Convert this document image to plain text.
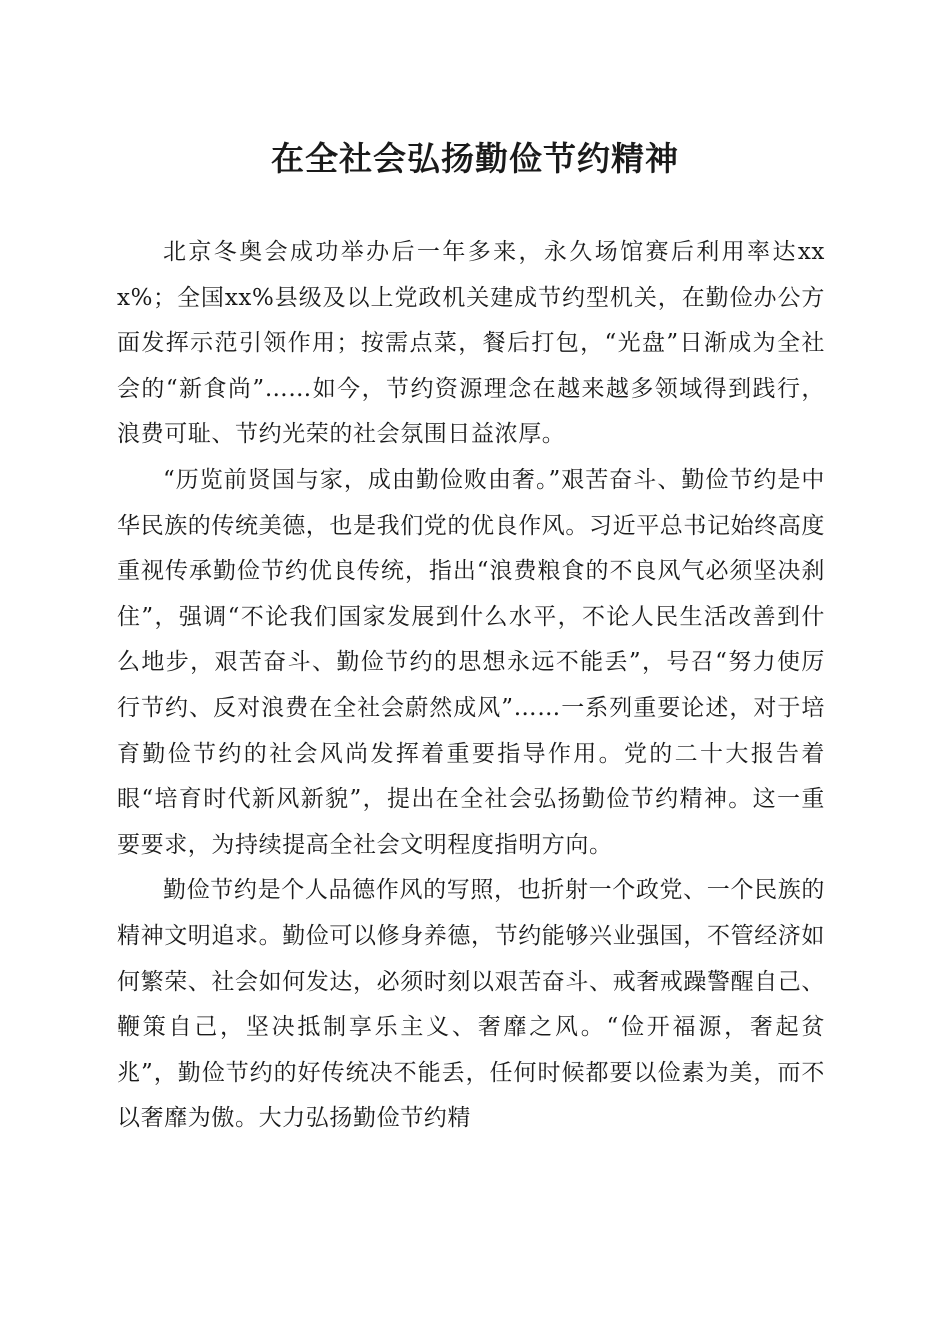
在全社会弘扬勤俭节约精神

北京冬奥会成功举办后一年多来，永久场馆赛后利用率达xxx%；全国xx%县级及以上党政机关建成节约型机关，在勤俭办公方面发挥示范引领作用；按需点菜，餐后打包，“光盘”日渐成为全社会的“新食尚”……如今，节约资源理念在越来越多领域得到践行，浪费可耻、节约光荣的社会氛围日益浓厚。

“历览前贤国与家，成由勤俭败由奢。”艰苦奋斗、勤俭节约是中华民族的传统美德，也是我们党的优良作风。习近平总书记始终高度重视传承勤俭节约优良传统，指出“浪费粮食的不良风气必须坚决刹住”，强调“不论我们国家发展到什么水平，不论人民生活改善到什么地步，艰苦奋斗、勤俭节约的思想永远不能丢”，号召“努力使厉行节约、反对浪费在全社会蔚然成风”……一系列重要论述，对于培育勤俭节约的社会风尚发挥着重要指导作用。党的二十大报告着眼“培育时代新风新貌”，提出在全社会弘扬勤俭节约精神。这一重要要求，为持续提高全社会文明程度指明方向。

勤俭节约是个人品德作风的写照，也折射一个政党、一个民族的精神文明追求。勤俭可以修身养德，节约能够兴业强国，不管经济如何繁荣、社会如何发达，必须时刻以艰苦奋斗、戒奢戒躁警醒自己、鞭策自己，坚决抵制享乐主义、奢靡之风。“俭开福源，奢起贫兆”，勤俭节约的好传统决不能丢，任何时候都要以俭素为美，而不以奢靡为傲。大力弘扬勤俭节约精
